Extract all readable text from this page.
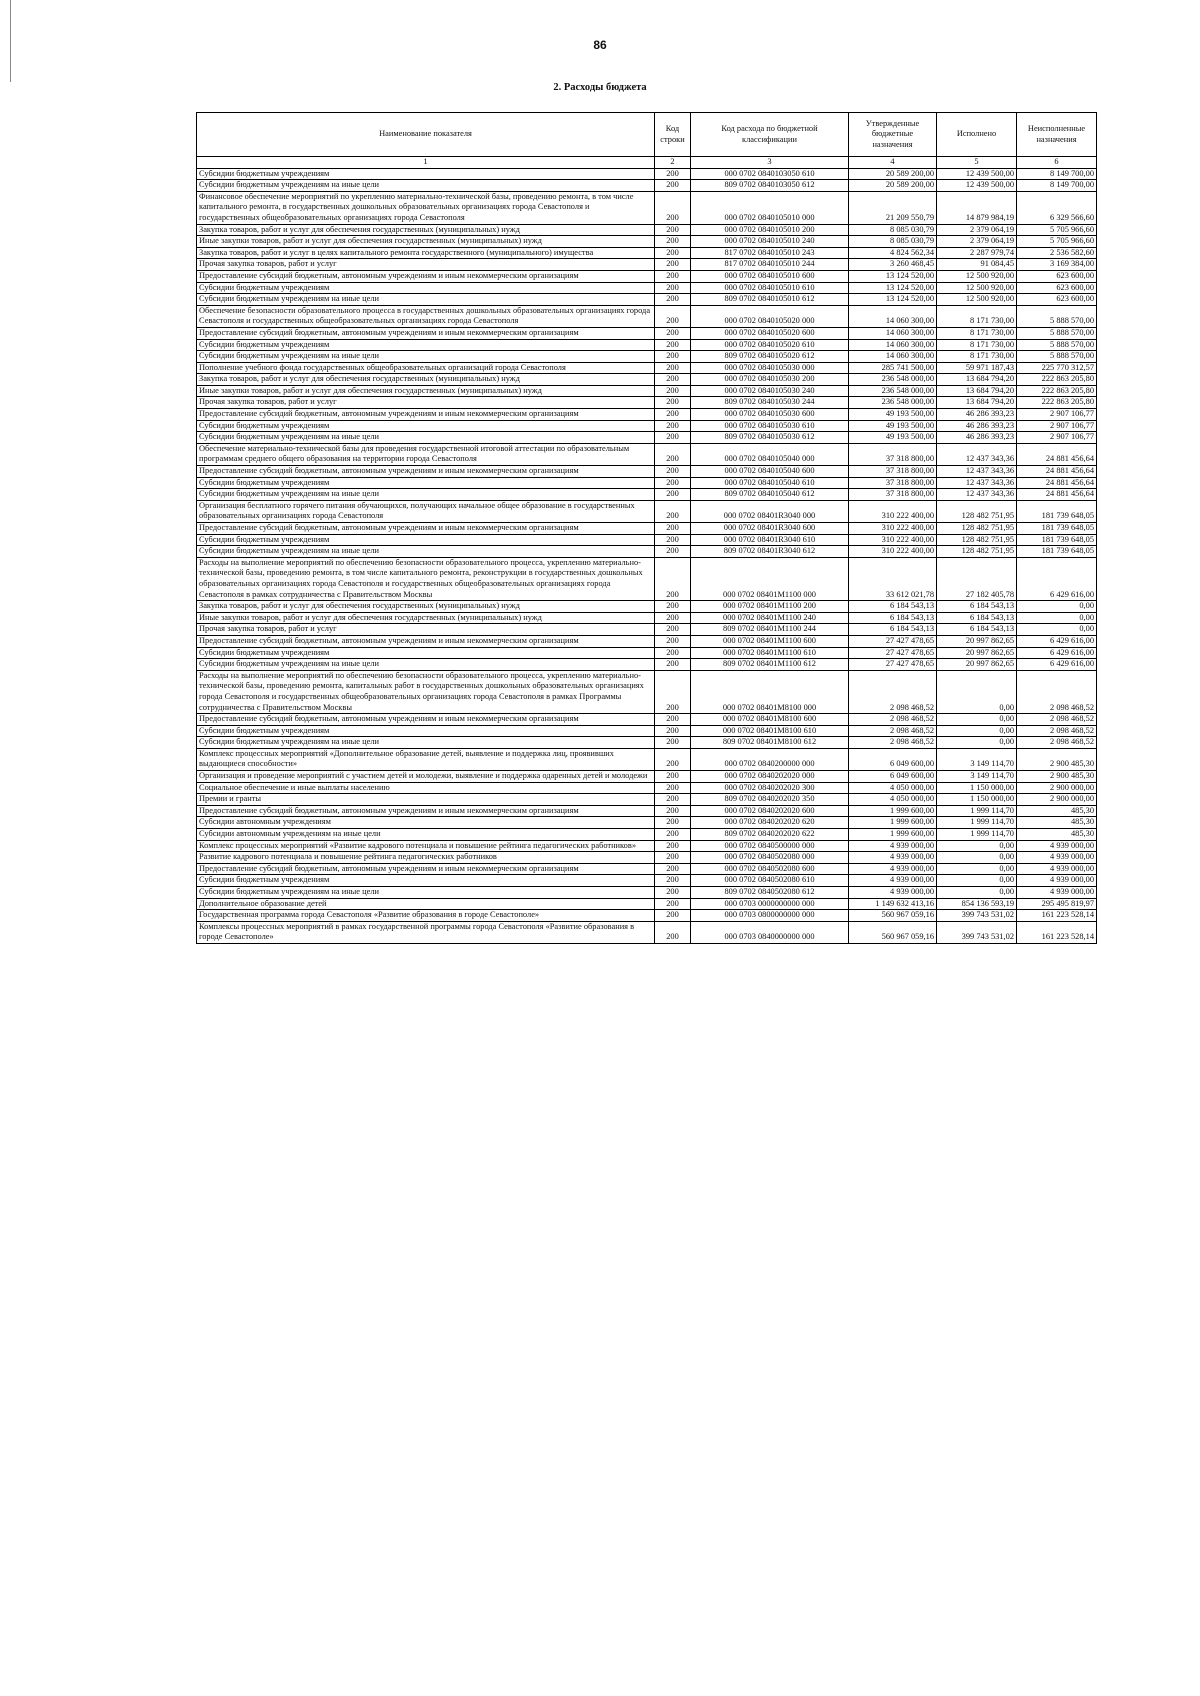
86
2. Расходы бюджета
Наименование показателя	Код строки	Код расхода по бюджетной классификации	Утвержденные бюджетные назначения	Исполнено	Неисполненные назначения
1	2	3	4	5	6
Субсидии бюджетным учреждениям	200	000 0702 0840103050 610	20 589 200,00	12 439 500,00	8 149 700,00
Субсидии бюджетным учреждениям на иные цели	200	809 0702 0840103050 612	20 589 200,00	12 439 500,00	8 149 700,00
Финансовое обеспечение мероприятий по укреплению материально-технической базы, проведению ремонта, в том числе капитального ремонта, в государственных дошкольных образовательных организациях города Севастополя и государственных общеобразовательных организациях города Севастополя	200	000 0702 0840105010 000	21 209 550,79	14 879 984,19	6 329 566,60
Закупка товаров, работ и услуг для обеспечения государственных (муниципальных) нужд	200	000 0702 0840105010 200	8 085 030,79	2 379 064,19	5 705 966,60
Иные закупки товаров, работ и услуг для обеспечения государственных (муниципальных) нужд	200	000 0702 0840105010 240	8 085 030,79	2 379 064,19	5 705 966,60
Закупка товаров, работ и услуг в целях капитального ремонта государственного (муниципального) имущества	200	817 0702 0840105010 243	4 824 562,34	2 287 979,74	2 536 582,60
Прочая закупка товаров, работ и услуг	200	817 0702 0840105010 244	3 260 468,45	91 084,45	3 169 384,00
Предоставление субсидий бюджетным, автономным учреждениям и иным некоммерческим организациям	200	000 0702 0840105010 600	13 124 520,00	12 500 920,00	623 600,00
Субсидии бюджетным учреждениям	200	000 0702 0840105010 610	13 124 520,00	12 500 920,00	623 600,00
Субсидии бюджетным учреждениям на иные цели	200	809 0702 0840105010 612	13 124 520,00	12 500 920,00	623 600,00
Обеспечение безопасности образовательного процесса в государственных дошкольных образовательных организациях города Севастополя и государственных общеобразовательных организациях города Севастополя	200	000 0702 0840105020 000	14 060 300,00	8 171 730,00	5 888 570,00
Предоставление субсидий бюджетным, автономным учреждениям и иным некоммерческим организациям	200	000 0702 0840105020 600	14 060 300,00	8 171 730,00	5 888 570,00
Субсидии бюджетным учреждениям	200	000 0702 0840105020 610	14 060 300,00	8 171 730,00	5 888 570,00
Субсидии бюджетным учреждениям на иные цели	200	809 0702 0840105020 612	14 060 300,00	8 171 730,00	5 888 570,00
Пополнение учебного фонда государственных общеобразовательных организаций города Севастополя	200	000 0702 0840105030 000	285 741 500,00	59 971 187,43	225 770 312,57
Закупка товаров, работ и услуг для обеспечения государственных (муниципальных) нужд	200	000 0702 0840105030 200	236 548 000,00	13 684 794,20	222 863 205,80
Иные закупки товаров, работ и услуг для обеспечения государственных (муниципальных) нужд	200	000 0702 0840105030 240	236 548 000,00	13 684 794,20	222 863 205,80
Прочая закупка товаров, работ и услуг	200	809 0702 0840105030 244	236 548 000,00	13 684 794,20	222 863 205,80
Предоставление субсидий бюджетным, автономным учреждениям и иным некоммерческим организациям	200	000 0702 0840105030 600	49 193 500,00	46 286 393,23	2 907 106,77
Субсидии бюджетным учреждениям	200	000 0702 0840105030 610	49 193 500,00	46 286 393,23	2 907 106,77
Субсидии бюджетным учреждениям на иные цели	200	809 0702 0840105030 612	49 193 500,00	46 286 393,23	2 907 106,77
Обеспечение материально-технической базы для проведения государственной итоговой аттестации по образовательным программам среднего общего образования на территории города Севастополя	200	000 0702 0840105040 000	37 318 800,00	12 437 343,36	24 881 456,64
Предоставление субсидий бюджетным, автономным учреждениям и иным некоммерческим организациям	200	000 0702 0840105040 600	37 318 800,00	12 437 343,36	24 881 456,64
Субсидии бюджетным учреждениям	200	000 0702 0840105040 610	37 318 800,00	12 437 343,36	24 881 456,64
Субсидии бюджетным учреждениям на иные цели	200	809 0702 0840105040 612	37 318 800,00	12 437 343,36	24 881 456,64
Организация бесплатного горячего питания обучающихся, получающих начальное общее образование в государственных образовательных организациях города Севастополя	200	000 0702 08401R3040 000	310 222 400,00	128 482 751,95	181 739 648,05
Предоставление субсидий бюджетным, автономным учреждениям и иным некоммерческим организациям	200	000 0702 08401R3040 600	310 222 400,00	128 482 751,95	181 739 648,05
Субсидии бюджетным учреждениям	200	000 0702 08401R3040 610	310 222 400,00	128 482 751,95	181 739 648,05
Субсидии бюджетным учреждениям на иные цели	200	809 0702 08401R3040 612	310 222 400,00	128 482 751,95	181 739 648,05
Расходы на выполнение мероприятий по обеспечению безопасности образовательного процесса, укреплению материально-технической базы, проведению ремонта, в том числе капитального ремонта, реконструкции в государственных дошкольных образовательных организациях города Севастополя и государственных общеобразовательных организациях города Севастополя в рамках сотрудничества с Правительством Москвы	200	000 0702 08401M1100 000	33 612 021,78	27 182 405,78	6 429 616,00
Закупка товаров, работ и услуг для обеспечения государственных (муниципальных) нужд	200	000 0702 08401M1100 200	6 184 543,13	6 184 543,13	0,00
Иные закупки товаров, работ и услуг для обеспечения государственных (муниципальных) нужд	200	000 0702 08401M1100 240	6 184 543,13	6 184 543,13	0,00
Прочая закупка товаров, работ и услуг	200	809 0702 08401M1100 244	6 184 543,13	6 184 543,13	0,00
Предоставление субсидий бюджетным, автономным учреждениям и иным некоммерческим организациям	200	000 0702 08401M1100 600	27 427 478,65	20 997 862,65	6 429 616,00
Субсидии бюджетным учреждениям	200	000 0702 08401M1100 610	27 427 478,65	20 997 862,65	6 429 616,00
Субсидии бюджетным учреждениям на иные цели	200	809 0702 08401M1100 612	27 427 478,65	20 997 862,65	6 429 616,00
Расходы на выполнение мероприятий по обеспечению безопасности образовательного процесса, укреплению материально-технической базы, проведению ремонта, капитальных работ в государственных дошкольных образовательных организациях города Севастополя и государственных общеобразовательных организациях города Севастополя в рамках Программы сотрудничества с Правительством Москвы	200	000 0702 08401M8100 000	2 098 468,52	0,00	2 098 468,52
Предоставление субсидий бюджетным, автономным учреждениям и иным некоммерческим организациям	200	000 0702 08401M8100 600	2 098 468,52	0,00	2 098 468,52
Субсидии бюджетным учреждениям	200	000 0702 08401M8100 610	2 098 468,52	0,00	2 098 468,52
Субсидии бюджетным учреждениям на иные цели	200	809 0702 08401M8100 612	2 098 468,52	0,00	2 098 468,52
Комплекс процессных мероприятий «Дополнительное образование детей, выявление и поддержка лиц, проявивших выдающиеся способности»	200	000 0702 0840200000 000	6 049 600,00	3 149 114,70	2 900 485,30
Организация и проведение мероприятий с участием детей и молодежи, выявление и поддержка одаренных детей и молодежи	200	000 0702 0840202020 000	6 049 600,00	3 149 114,70	2 900 485,30
Социальное обеспечение и иные выплаты населению	200	000 0702 0840202020 300	4 050 000,00	1 150 000,00	2 900 000,00
Премии и гранты	200	809 0702 0840202020 350	4 050 000,00	1 150 000,00	2 900 000,00
Предоставление субсидий бюджетным, автономным учреждениям и иным некоммерческим организациям	200	000 0702 0840202020 600	1 999 600,00	1 999 114,70	485,30
Субсидии автономным учреждениям	200	000 0702 0840202020 620	1 999 600,00	1 999 114,70	485,30
Субсидии автономным учреждениям на иные цели	200	809 0702 0840202020 622	1 999 600,00	1 999 114,70	485,30
Комплекс процессных мероприятий «Развитие кадрового потенциала и повышение рейтинга педагогических работников»	200	000 0702 0840500000 000	4 939 000,00	0,00	4 939 000,00
Развитие кадрового потенциала и повышение рейтинга педагогических работников	200	000 0702 0840502080 000	4 939 000,00	0,00	4 939 000,00
Предоставление субсидий бюджетным, автономным учреждениям и иным некоммерческим организациям	200	000 0702 0840502080 600	4 939 000,00	0,00	4 939 000,00
Субсидии бюджетным учреждениям	200	000 0702 0840502080 610	4 939 000,00	0,00	4 939 000,00
Субсидии бюджетным учреждениям на иные цели	200	809 0702 0840502080 612	4 939 000,00	0,00	4 939 000,00
Дополнительное образование детей	200	000 0703 0000000000 000	1 149 632 413,16	854 136 593,19	295 495 819,97
Государственная программа города Севастополя «Развитие образования в городе Севастополе»	200	000 0703 0800000000 000	560 967 059,16	399 743 531,02	161 223 528,14
Комплексы процессных мероприятий в рамках государственной программы города Севастополя «Развитие образования в городе Севастополе»	200	000 0703 0840000000 000	560 967 059,16	399 743 531,02	161 223 528,14
